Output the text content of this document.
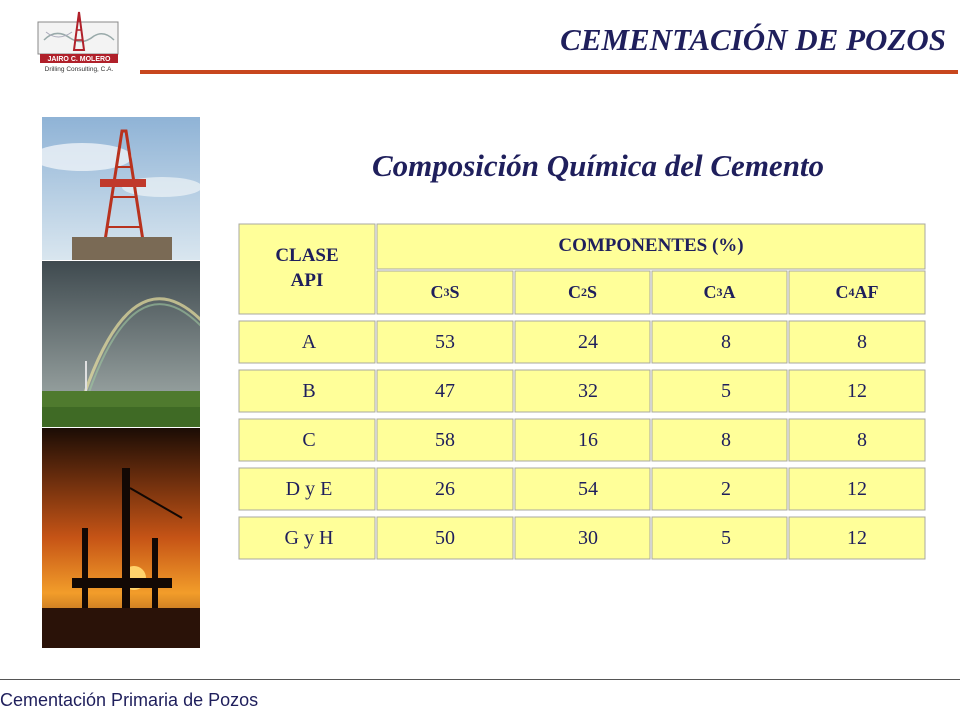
JAIRO C. MOLERO
Drilling Consulting, C.A.
CEMENTACIÓN DE POZOS
Composición Química del Cemento
CLASE
API
COMPONENTES (%)
C 3 S	C 2 S	C 3 A	C 4 AF
A	53	24	8	8
B	47	32	5	12
C	58	16	8	8
D y E	26	54	2	12
G y H	50	30	5	12
Cementación Primaria de Pozos
